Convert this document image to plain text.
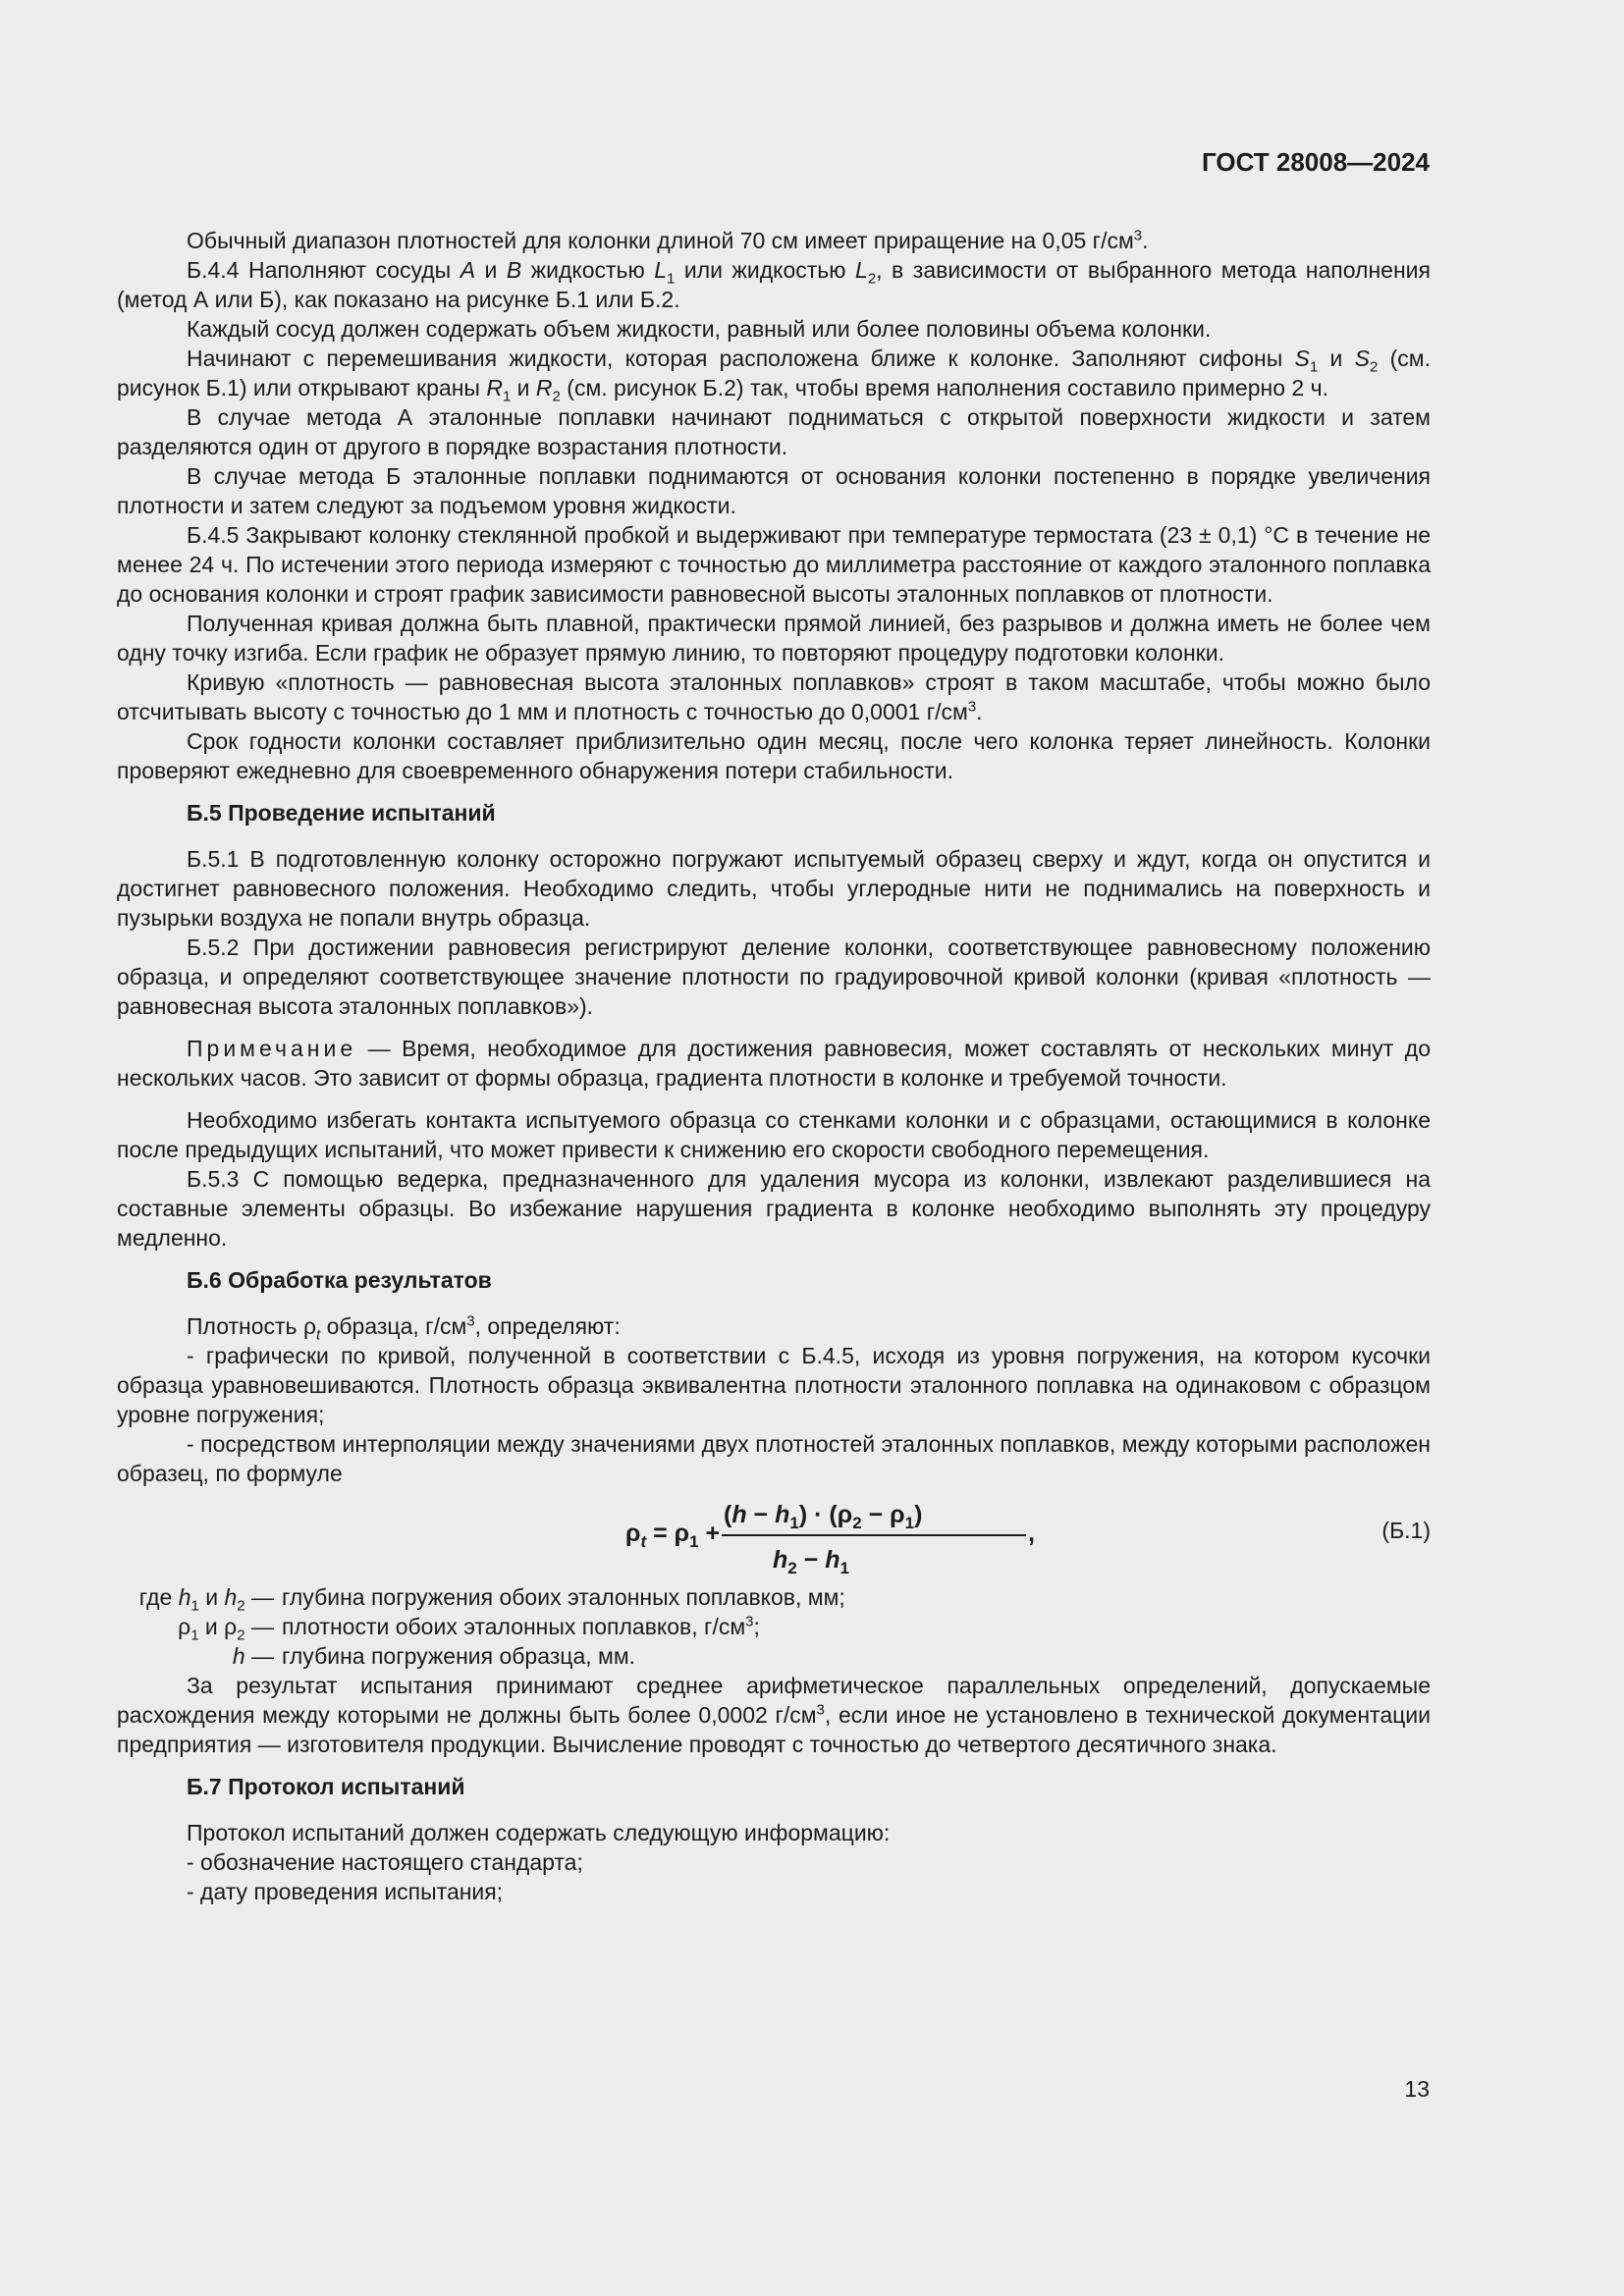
ГОСТ 28008—2024

Обычный диапазон плотностей для колонки длиной 70 см имеет приращение на 0,05 $г/см^3$.

Б.4.4 Наполняют сосуды А и В жидкостью $L_1$ или жидкостью $L_2$, в зависимости от выбранного метода наполнения (метод А или Б), как показано на рисунке Б.1 или Б.2.

Каждый сосуд должен содержать объем жидкости, равный или более половины объема колонки.

Начинают с перемешивания жидкости, которая расположена ближе к колонке. Заполняют сифоны $S_1$ и $S_2$ (см. рисунок Б.1) или открывают краны $R_1$ и $R_2$ (см. рисунок Б.2) так, чтобы время наполнения составило примерно 2 ч.

В случае метода А эталонные поплавки начинают подниматься с открытой поверхности жидкости и затем разделяются один от другого в порядке возрастания плотности.

В случае метода Б эталонные поплавки поднимаются от основания колонки постепенно в порядке увеличения плотности и затем следуют за подъемом уровня жидкости.

Б.4.5 Закрывают колонку стеклянной пробкой и выдерживают при температуре термостата (23 ± 0,1) °C в течение не менее 24 ч. По истечении этого периода измеряют с точностью до миллиметра расстояние от каждого эталонного поплавка до основания колонки и строят график зависимости равновесной высоты эталонных поплавков от плотности.

Полученная кривая должна быть плавной, практически прямой линией, без разрывов и должна иметь не более чем одну точку изгиба. Если график не образует прямую линию, то повторяют процедуру подготовки колонки.

Кривую «плотность — равновесная высота эталонных поплавков» строят в таком масштабе, чтобы можно было отсчитывать высоту с точностью до 1 мм и плотность с точностью до 0,0001 $г/см^3$.

Срок годности колонки составляет приблизительно один месяц, после чего колонка теряет линейность. Колонки проверяют ежедневно для своевременного обнаружения потери стабильности.

Б.5 Проведение испытаний

Б.5.1 В подготовленную колонку осторожно погружают испытуемый образец сверху и ждут, когда он опустится и достигнет равновесного положения. Необходимо следить, чтобы углеродные нити не поднимались на поверхность и пузырьки воздуха не попали внутрь образца.

Б.5.2 При достижении равновесия регистрируют деление колонки, соответствующее равновесному положению образца, и определяют соответствующее значение плотности по градуировочной кривой колонки (кривая «плотность — равновесная высота эталонных поплавков»).

Примечание — Время, необходимое для достижения равновесия, может составлять от нескольких минут до нескольких часов. Это зависит от формы образца, градиента плотности в колонке и требуемой точности.

Необходимо избегать контакта испытуемого образца со стенками колонки и с образцами, остающимися в колонке после предыдущих испытаний, что может привести к снижению его скорости свободного перемещения.

Б.5.3 С помощью ведерка, предназначенного для удаления мусора из колонки, извлекают разделившиеся на составные элементы образцы. Во избежание нарушения градиента в колонке необходимо выполнять эту процедуру медленно.

Б.6 Обработка результатов

Плотность $\rho_t$ образца, $г/см^3$, определяют:

- графически по кривой, полученной в соответствии с Б.4.5, исходя из уровня погружения, на котором кусочки образца уравновешиваются. Плотность образца эквивалентна плотности эталонного поплавка на одинаковом с образцом уровне погружения;

- посредством интерполяции между значениями двух плотностей эталонных поплавков, между которыми расположен образец, по формуле

$\rho_t = \rho_1$ +
$(h - h_1) \cdot (\rho_2 - \rho_1)$
$h_2 - h_1$
,	(Б.1)
где $h_1$ и $h_2$ — глубина погружения обоих эталонных поплавков, мм;
$\rho_1$ и $\rho_2$ — плотности обоих эталонных поплавков, $г/см^3$;
h — глубина погружения образца, мм.

За результат испытания принимают среднее арифметическое параллельных определений, допускаемые расхождения между которыми не должны быть более 0,0002 $г/см^3$, если иное не установлено в технической документации предприятия — изготовителя продукции. Вычисление проводят с точностью до четвертого десятичного знака.

Б.7 Протокол испытаний

Протокол испытаний должен содержать следующую информацию:

- обозначение настоящего стандарта;

- дату проведения испытания;

13
